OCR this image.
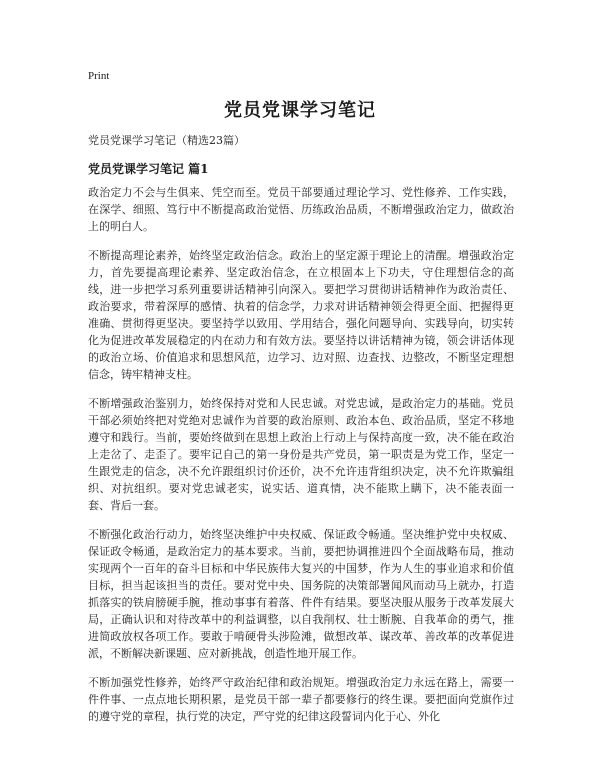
Print
党员党课学习笔记

党员党课学习笔记（精选23篇）

党员党课学习笔记 篇1

政治定力不会与生俱来、凭空而至。党员干部要通过理论学习、党性修养、工作实践，在深学、细照、笃行中不断提高政治觉悟、历练政治品质，不断增强政治定力，做政治上的明白人。

不断提高理论素养，始终坚定政治信念。政治上的坚定源于理论上的清醒。增强政治定力，首先要提高理论素养、坚定政治信念，在立根固本上下功夫，守住理想信念的高线，进一步把学习系列重要讲话精神引向深入。要把学习贯彻讲话精神作为政治责任、政治要求，带着深厚的感情、执着的信念学，力求对讲话精神领会得更全面、把握得更准确、贯彻得更坚决。要坚持学以致用、学用结合，强化问题导向、实践导向，切实转化为促进改革发展稳定的内在动力和有效方法。要坚持以讲话精神为镜，领会讲话体现的政治立场、价值追求和思想风范，边学习、边对照、边查找、边整改，不断坚定理想信念，铸牢精神支柱。

不断增强政治鉴别力，始终保持对党和人民忠诚。对党忠诚，是政治定力的基础。党员干部必须始终把对党绝对忠诚作为首要的政治原则、政治本色、政治品质，坚定不移地遵守和践行。当前，要始终做到在思想上政治上行动上与保持高度一致，决不能在政治上走岔了、走歪了。要牢记自己的第一身份是共产党员，第一职责是为党工作，坚定一生跟党走的信念，决不允许跟组织讨价还价，决不允许违背组织决定，决不允许欺骗组织、对抗组织。要对党忠诚老实，说实话、道真情，决不能欺上瞒下，决不能表面一套、背后一套。

不断强化政治行动力，始终坚决维护中央权威、保证政令畅通。坚决维护党中央权威、保证政令畅通，是政治定力的基本要求。当前，要把协调推进四个全面战略布局，推动实现两个一百年的奋斗目标和中华民族伟大复兴的中国梦，作为人生的事业追求和价值目标，担当起该担当的责任。要对党中央、国务院的决策部署闻风而动马上就办，打造抓落实的铁肩膀硬手腕，推动事事有着落、件件有结果。要坚决服从服务于改革发展大局，正确认识和对待改革中的利益调整，以自我削权、壮士断腕、自我革命的勇气，推进简政放权各项工作。要敢于啃硬骨头涉险滩，做想改革、谋改革、善改革的改革促进派，不断解决新课题、应对新挑战，创造性地开展工作。

不断加强党性修养，始终严守政治纪律和政治规矩。增强政治定力永远在路上，需要一件件事、一点点地长期积累，是党员干部一辈子都要修行的终生课。要把面向党旗作过的遵守党的章程，执行党的决定，严守党的纪律这段誓词内化于心、外化
